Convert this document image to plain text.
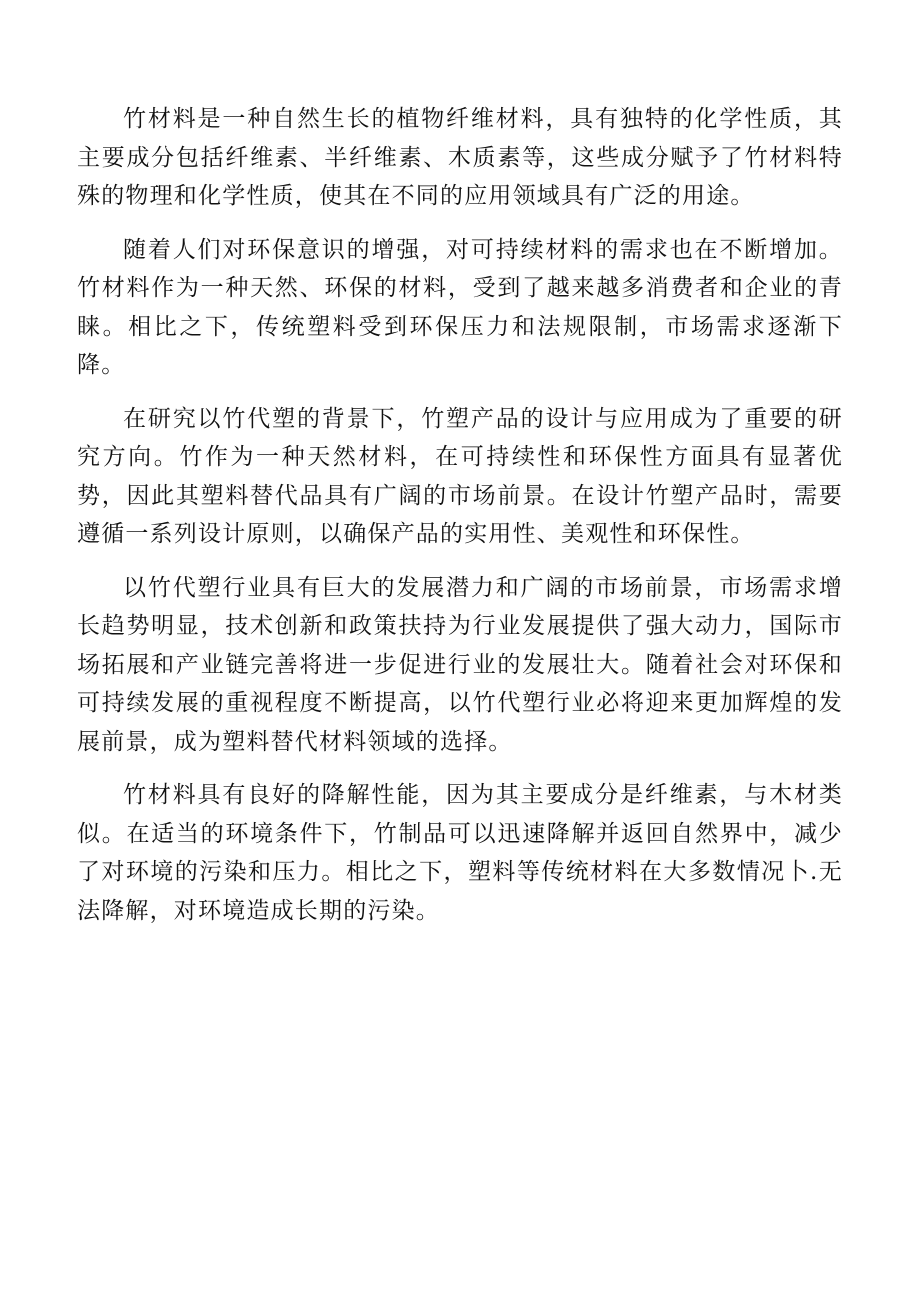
竹材料是一种自然生长的植物纤维材料，具有独特的化学性质，其主要成分包括纤维素、半纤维素、木质素等，这些成分赋予了竹材料特殊的物理和化学性质，使其在不同的应用领域具有广泛的用途。

随着人们对环保意识的增强，对可持续材料的需求也在不断增加。竹材料作为一种天然、环保的材料，受到了越来越多消费者和企业的青睐。相比之下，传统塑料受到环保压力和法规限制，市场需求逐渐下降。

在研究以竹代塑的背景下，竹塑产品的设计与应用成为了重要的研究方向。竹作为一种天然材料，在可持续性和环保性方面具有显著优势，因此其塑料替代品具有广阔的市场前景。在设计竹塑产品时，需要遵循一系列设计原则，以确保产品的实用性、美观性和环保性。

以竹代塑行业具有巨大的发展潜力和广阔的市场前景，市场需求增长趋势明显，技术创新和政策扶持为行业发展提供了强大动力，国际市场拓展和产业链完善将进一步促进行业的发展壮大。随着社会对环保和可持续发展的重视程度不断提高，以竹代塑行业必将迎来更加辉煌的发展前景，成为塑料替代材料领域的选择。

竹材料具有良好的降解性能，因为其主要成分是纤维素，与木材类似。在适当的环境条件下，竹制品可以迅速降解并返回自然界中，减少了对环境的污染和压力。相比之下，塑料等传统材料在大多数情况卜.无法降解，对环境造成长期的污染。
